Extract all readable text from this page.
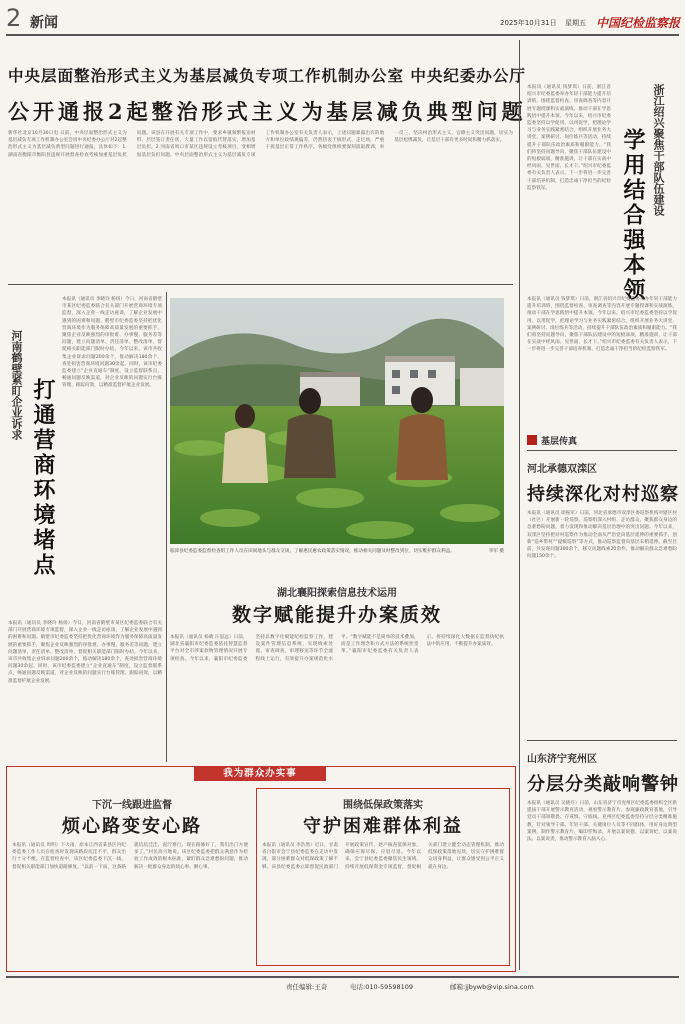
2 新闻	2025年10月31日 星期五 中国纪检监察报
中央层面整治形式主义为基层减负专项工作机制办公室 中央纪委办公厅
公开通报2起整治形式主义为基层减负典型问题
新华社北京10月30日电 日前，中央层面整治形式主义为基层减负专项工作机制办公室会同中央纪委办公厅对2起整治形式主义为基层减负典型问题进行通报。具体如下：1.湖南省衡阳市衡阳县违规开展督查检查考核加重基层负担问题。该县在开展有关专项工作中，要求乡镇频繁报送材料、层层签订责任状，大量工作以留痕代替落实，增加基层负担。2.河南省周口市某区违规设立考核项目、变相增加基层负担问题。中央层面整治形式主义为基层减负专项工作机制办公室有关负责人表示，上述问题暴露出有的地方和单位政绩观偏差，仍然热衷于搞形式、走过场，严重干扰基层正常工作秩序。各级党组织要深刻汲取教训，举一反三，坚决纠治形式主义、官僚主义突出问题，切实为基层松绑减负，让基层干部有更多时间和精力抓落实。	浙江绍兴聚焦干部队伍建设
学用结合强本领
本报讯（通讯员 钱梦琪）日前，浙江省绍兴市纪委监委举办年轻干部能力提升培训班，围绕监督检查、审查调查等内容开展专题授课和实战演练，推动干部在学思践悟中提升本领。今年以来，绍兴市纪委监委坚持以学促用、以用促学，把理论学习与业务实践紧密结合，组织开展业务大讲堂、案例研讨、岗位练兵等活动，持续提升干部队伍政治素质和履职能力。“我们将坚持问题导向，聚焦干部队伍建设中的短板弱项，精准施训，让干部在实战中经风雨、见世面、长才干。”绍兴市纪委监委有关负责人表示，下一步将进一步完善干部培养机制，打造忠诚干净担当的纪检监察铁军。
本报讯（通讯员 钱梦琪）日前，浙江省绍兴市纪委监委举办年轻干部能力提升培训班，围绕监督检查、审查调查等内容开展专题授课和实战演练，推动干部在学思践悟中提升本领。今年以来，绍兴市纪委监委坚持以学促用、以用促学，把理论学习与业务实践紧密结合，组织开展业务大讲堂、案例研讨、岗位练兵等活动，持续提升干部队伍政治素质和履职能力。“我们将坚持问题导向，聚焦干部队伍建设中的短板弱项，精准施训，让干部在实战中经风雨、见世面、长才干。”绍兴市纪委监委有关负责人表示，下一步将进一步完善干部培养机制，打造忠诚干净担当的纪检监察铁军。
河南鹤壁紧盯企业诉求 打通营商环境堵点
本报讯（通讯员 李晓玲 杨扬）今日，河南省鹤壁市某区纪委监委联合有关部门开展营商环境专项监督，深入企业一线走访座谈，了解企业发展中遇到的困难和问题。鹤壁市纪委监委坚持把优化营商环境作为服务保障高质量发展的重要抓手，聚焦企业反映强烈的审批难、办事慢、服务差等问题，建立问题清单、责任清单、整改清单，督促相关职能部门限时办结。今年以来，该市共收集企业诉求问题200余个，推动解决180余个，查处损害营商环境问题30余起。同时，该市纪委监委建立“企业直通车”制度，设立监督联系点，畅通问题反映渠道，对企业反映的问题实行台账管理、跟踪问效，以精准监督护航企业发展。
本报讯（通讯员 李晓玲 杨扬）今日，河南省鹤壁市某区纪委监委联合有关部门开展营商环境专项监督，深入企业一线走访座谈，了解企业发展中遇到的困难和问题。鹤壁市纪委监委坚持把优化营商环境作为服务保障高质量发展的重要抓手，聚焦企业反映强烈的审批难、办事慢、服务差等问题，建立问题清单、责任清单、整改清单，督促相关职能部门限时办结。今年以来，该市共收集企业诉求问题200余个，推动解决180余个，查处损害营商环境问题30余起。同时，该市纪委监委建立“企业直通车”制度，设立监督联系点，畅通问题反映渠道，对企业反映的问题实行台账管理、跟踪问效，以精准监督护航企业发展。
临漳县纪委监委监督检查组工作人员在田间地头与群众交谈，了解惠民惠农政策落实情况，推动相关问题及时整改到位，切实维护群众利益。	李军 摄
湖北襄阳探索信息技术运用
数字赋能提升办案质效
本报讯（通讯员 杨晓 汪思远）日前，湖北省襄阳市纪委监委依托智慧监督平台对全市涉案款物管理情况开展专项检查。今年以来，襄阳市纪委监委坚持以数字化赋能纪检监察工作，建设案件管理信息系统，实现线索处置、审查调查、审理移送等环节全流程线上运行，有效提升办案规范化水平。“数字赋能不是简单的技术叠加，而是工作理念和方式方法的系统性变革。”襄阳市纪委监委有关负责人表示，将持续深化大数据在监督执纪执法中的应用，不断提升办案质效。
基层传真
河北承德双滦区
持续深化对村巡察
本报讯（通讯员 徐振军）日前，河北省承德市双滦区委巡察机构对辖区村（社区）开展新一轮巡察。巡察组深入村组、走访群众，聚焦群众身边的急难愁盼问题，着力发现和推动解决基层治理中的突出问题。今年以来，双滦区坚持把对村巡察作为推动全面从严治党向基层延伸的重要抓手，创新“巡乡带村”“提级巡察”等方式，推动巡察监督向基层末梢延伸。截至目前，共发现问题300余个，移交问题线索20余件，推动解决群众急难愁盼问题150余个。
山东济宁兖州区
分层分类敲响警钟
本报讯（通讯员 吴晓丹）日前，山东省济宁市兖州区纪委监委组织全区新提拔干部开展警示教育活动，观看警示教育片，参观廉政教育基地，引导党员干部知敬畏、存戒惧、守底线。兖州区纪委监委坚持分层分类精准施教，针对领导干部、年轻干部、关键岗位人员等不同群体，用好身边典型案例，制作警示教育片，编印忏悔录，开展以案说德、以案说纪、以案说法、以案说责，推动警示教育入脑入心。
我为群众办实事
下沉一线跟进监督
烦心路变安心路
本报讯（通讯员 周明）下大雨，原本江西省某县区内纪委监委工作人员在检查时发现该路段坑洼不平，群众出行十分不便。在监督检查中，该区纪委监委下沉一线，督促相关职能部门加快道路修复。“以前一下雨，这条路就坑坑洼洼，泥泞难行。现在路修好了，我们出门方便多了。”村民高兴地说。该区纪委监委把群众满意作为检验工作成效的根本标准，紧盯群众急难愁盼问题，推动解决一批群众身边的烦心事、揪心事。
围绕低保政策落实
守护困难群体利益
本报讯（通讯员 李浩然）近日，甘肃省白银市会宁县纪委监委在走访中发现，部分困难群众对低保政策了解不够。该县纪委监委立即督促民政部门开展政策宣传，逐户核查低保对象，确保应保尽保、应退尽退。今年以来，会宁县纪委监委聚焦民生领域，持续开展低保资金专项监督，督促相关部门建立健全动态管理机制，推动低保政策落地见效，切实守护困难群众切身利益，让群众感受到公平正义就在身边。
责任编辑:王奇	电话:010-59598109	邮箱:jjbywb@vip.sina.com
